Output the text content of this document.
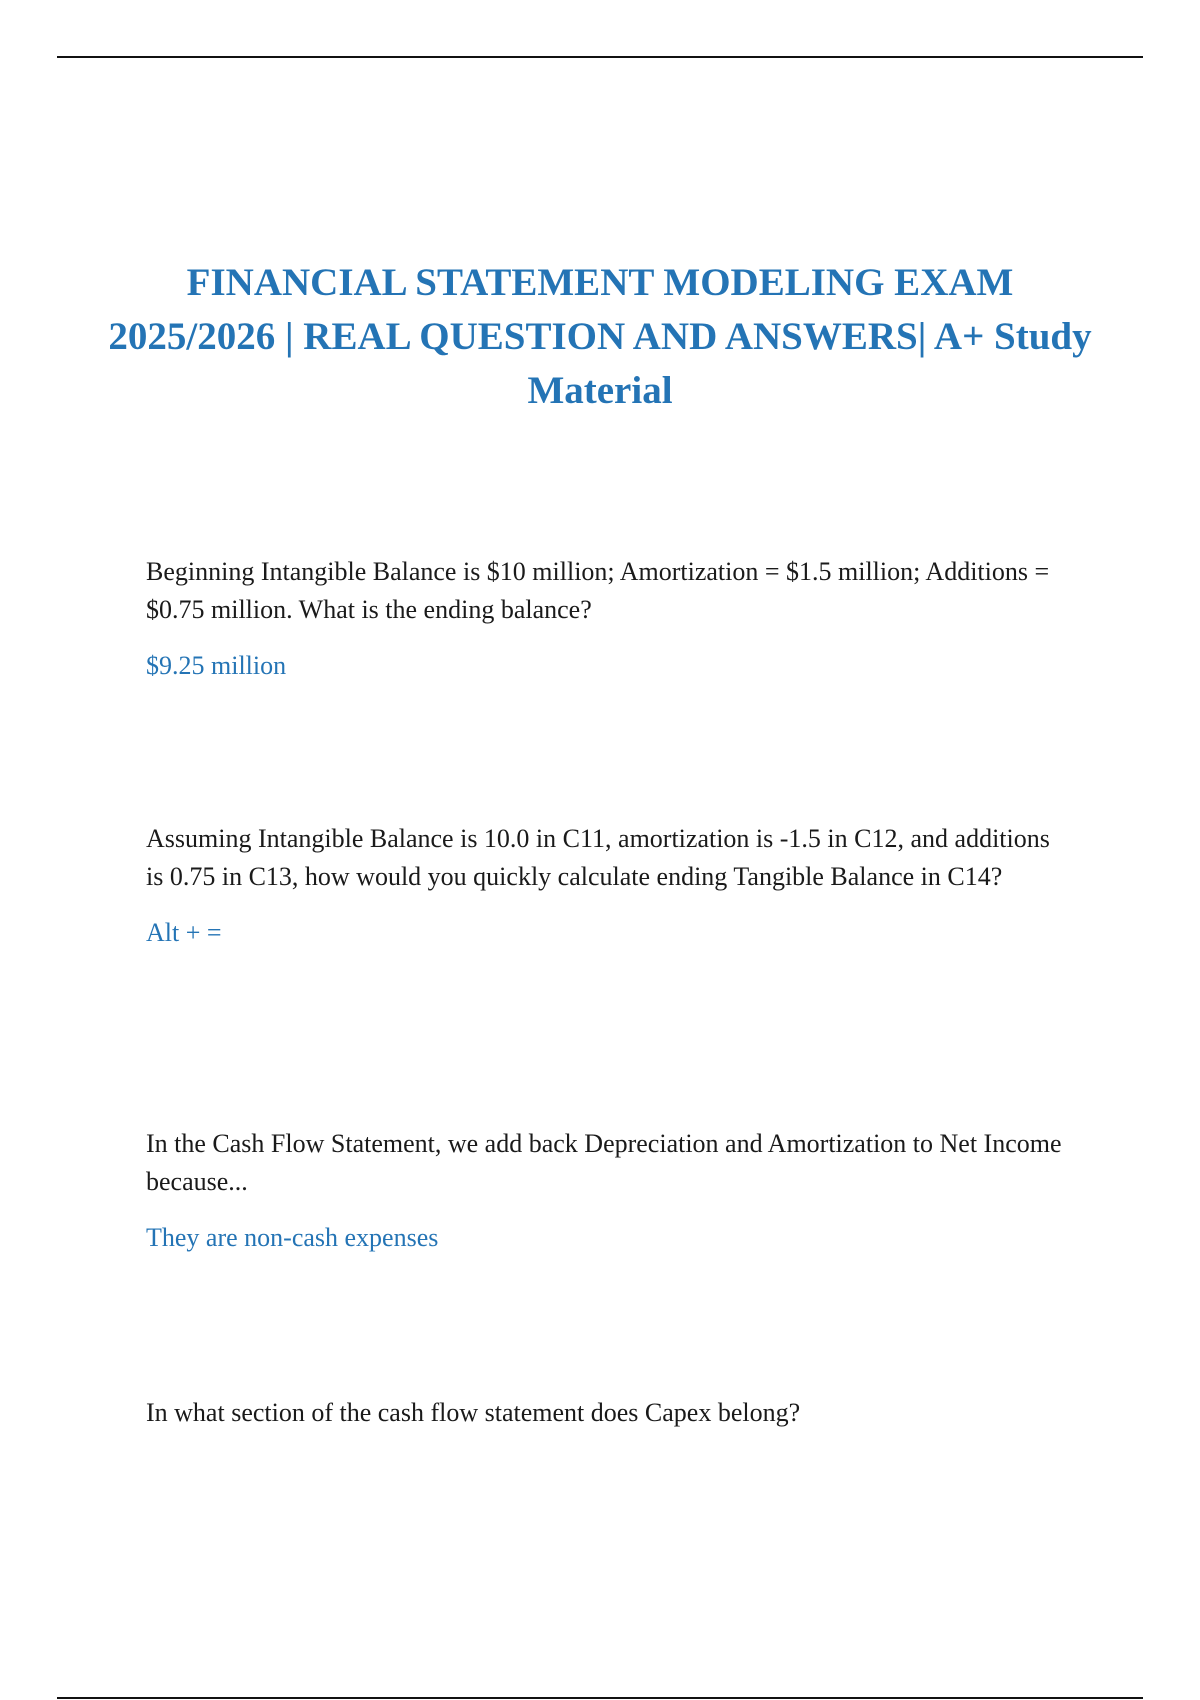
FINANCIAL STATEMENT MODELING EXAM 2025/2026 | REAL QUESTION AND ANSWERS| A+ Study Material

Beginning Intangible Balance is $10 million; Amortization = $1.5 million; Additions = $0.75 million. What is the ending balance?

$9.25 million

Assuming Intangible Balance is 10.0 in C11, amortization is -1.5 in C12, and additions is 0.75 in C13, how would you quickly calculate ending Tangible Balance in C14?

Alt + =

In the Cash Flow Statement, we add back Depreciation and Amortization to Net Income because...

They are non-cash expenses

In what section of the cash flow statement does Capex belong?
